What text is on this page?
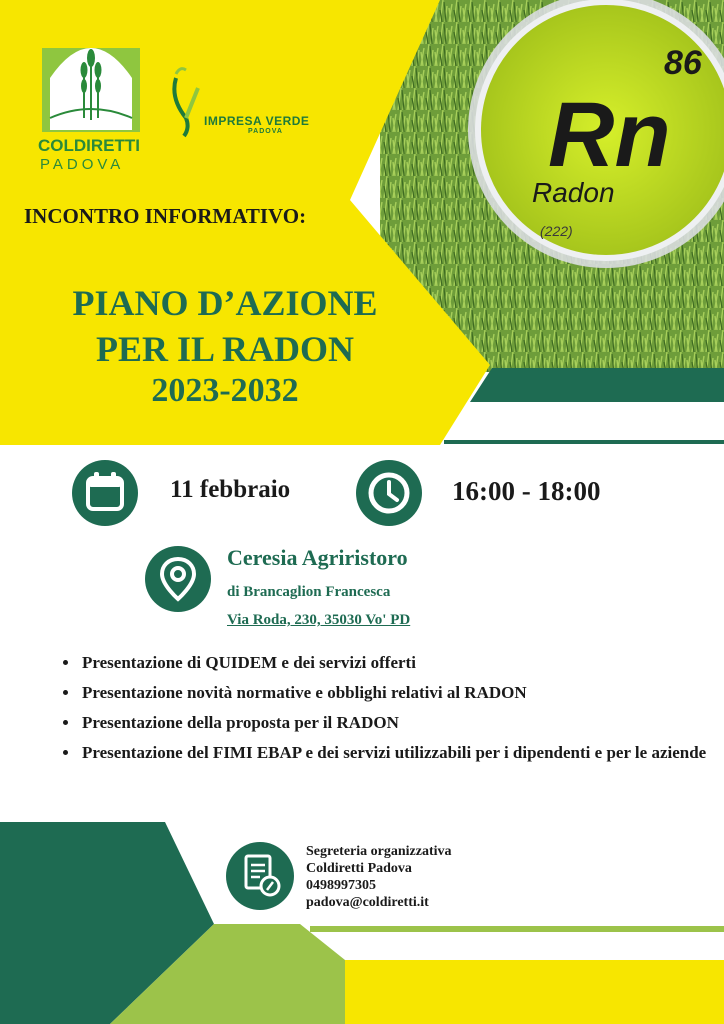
86
Rn
Radon
(222)
COLDIRETTI
PADOVA
IMPRESA VERDE
PADOVA
INCONTRO INFORMATIVO:
PIANO D’AZIONE
PER IL RADON
2023-2032
11 febbraio	16:00 - 18:00
Ceresia Agriristoro
di Brancaglion Francesca
Via Roda, 230, 35030 Vo' PD
• Presentazione di QUIDEM e dei servizi offerti
• Presentazione novità normative e obblighi relativi al RADON
• Presentazione della proposta per il RADON
• Presentazione del FIMI EBAP e dei servizi utilizzabili per i dipendenti e per le aziende
Segreteria organizzativa
Coldiretti Padova
0498997305
padova@coldiretti.it
